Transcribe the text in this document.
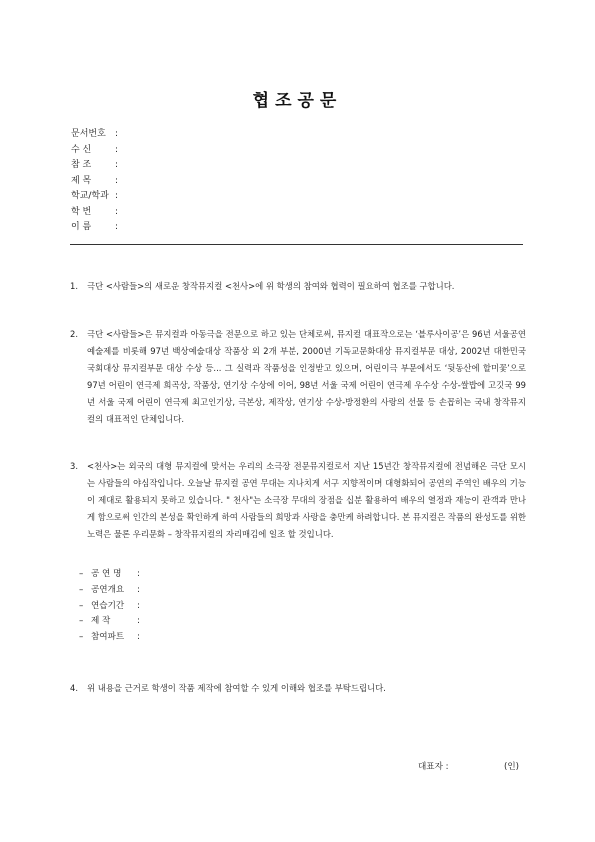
협조공문
문서번호	:
수 신	:
참 조	:
제 목	:
학교/학과 :
학 번	:
이 름	:
1.	극단 <사람들>의 새로운 창작뮤지컬 <천사>에 위 학생의 참여와 협력이 필요하여 협조를 구합니다.
2.	극단 <사람들>은 뮤지컬과 아동극을 전문으로 하고 있는 단체로써, 뮤지컬 대표작으로는 ‘블루사이공’은 96년 서울공연예술제를 비롯해 97년 백상예술대상 작품상 외 2개 부분, 2000년 기독교문화대상 뮤지컬부문 대상, 2002년 대한민국 국회대상 뮤지컬부문 대상 수상 등... 그 실력과 작품성을 인정받고 있으며, 어린이극 부문에서도 ‘뒷동산에 할미꽃’으로 97년 어린이 연극제 희곡상, 작품상, 연기상 수상에 이어, 98년 서울 국제 어린이 연극제 우수상 수상-쌀밥에 고깃국 99년 서울 국제 어린이 연극제 최고인기상, 극본상, 제작상, 연기상 수상-방정환의 사랑의 선물 등 손꼽히는 국내 창작뮤지컬의 대표적인 단체입니다.
3.	<천사>는 외국의 대형 뮤지컬에 맞서는 우리의 소극장 전문뮤지컬로서 지난 15년간 창작뮤지컬에 전념해온 극단 모시는 사람들의 야심작입니다. 오늘날 뮤지컬 공연 무대는 지나치게 서구 지향적이며 대형화되어 공연의 주역인 배우의 기능이 제대로 활용되지 못하고 있습니다. " 천사"는 소극장 무대의 장점을 십분 활용하여 배우의 열정과 재능이 관객과 만나게 함으로써 인간의 본성을 확인하게 하여 사람들의 희망과 사랑을 충만케 하려합니다. 본 뮤지컬은 작품의 완성도를 위한 노력은 물론 우리문화 – 창작뮤지컬의 자리매김에 일조 할 것입니다.
– 공 연 명	:
– 공연개요	:
– 연습기간	:
– 제 작	:
– 참여파트	:
4.	위 내용을 근거로 학생이 작품 제작에 참여할 수 있게 이해와 협조를 부탁드립니다.
대표자 :	(인)
